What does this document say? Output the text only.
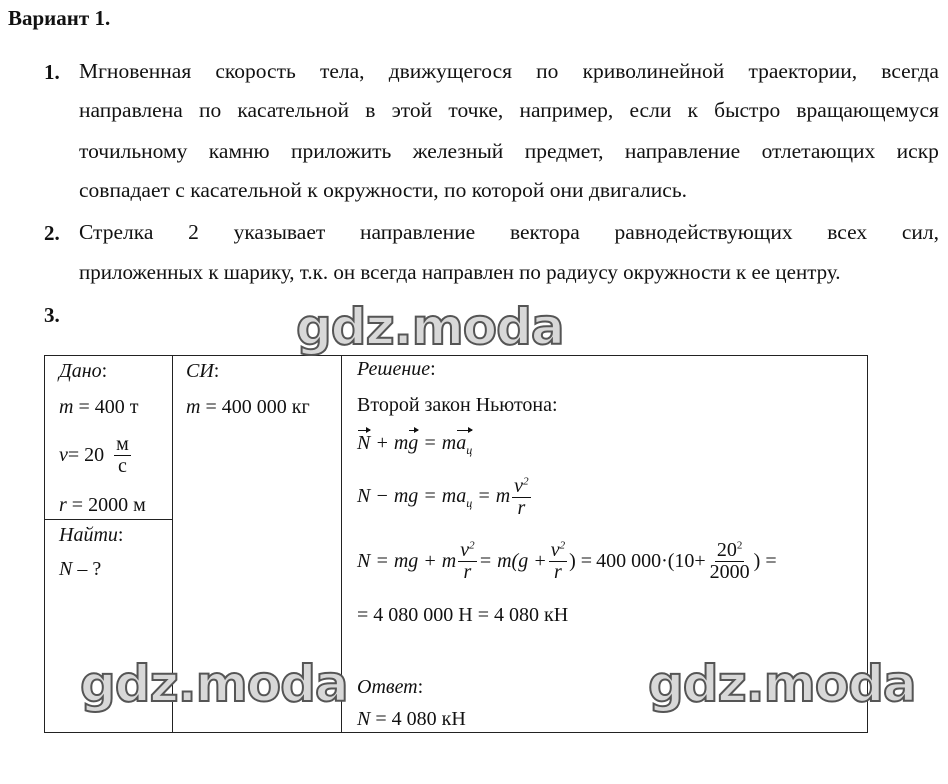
Вариант 1.
1. Мгновенная скорость тела, движущегося по криволинейной траектории, всегда
направлена по касательной в этой точке, например, если к быстро вращающемуся
точильному камню приложить железный предмет, направление отлетающих искр
совпадает с касательной к окружности, по которой они двигались.
2. Стрелка 2 указывает направление вектора равнодействующих всех сил,
приложенных к шарику, т.к. он всегда направлен по радиусу окружности к ее центру.
3.
Дано:
m = 400 т
$v = 20 \frac{м}{с}$
r = 2000 м
Найти:
N – ?
СИ:
m = 400 000 кг
Решение:
Второй закон Ньютона:
N + mg = $ma_ц$
N − mg = $ma_ц = m \frac{v^2}{r}$
N = mg + m $\frac{v^2}{r} = m(g + \frac{v^2}{r}$ ) = 400 000 ·( $10 + \frac{20^2}{2000}$ ) =
= 4 080 000 Н = 4 080 кН
Ответ:
N = 4 080 кН
gdz.moda
gdz.moda	gdz.moda
